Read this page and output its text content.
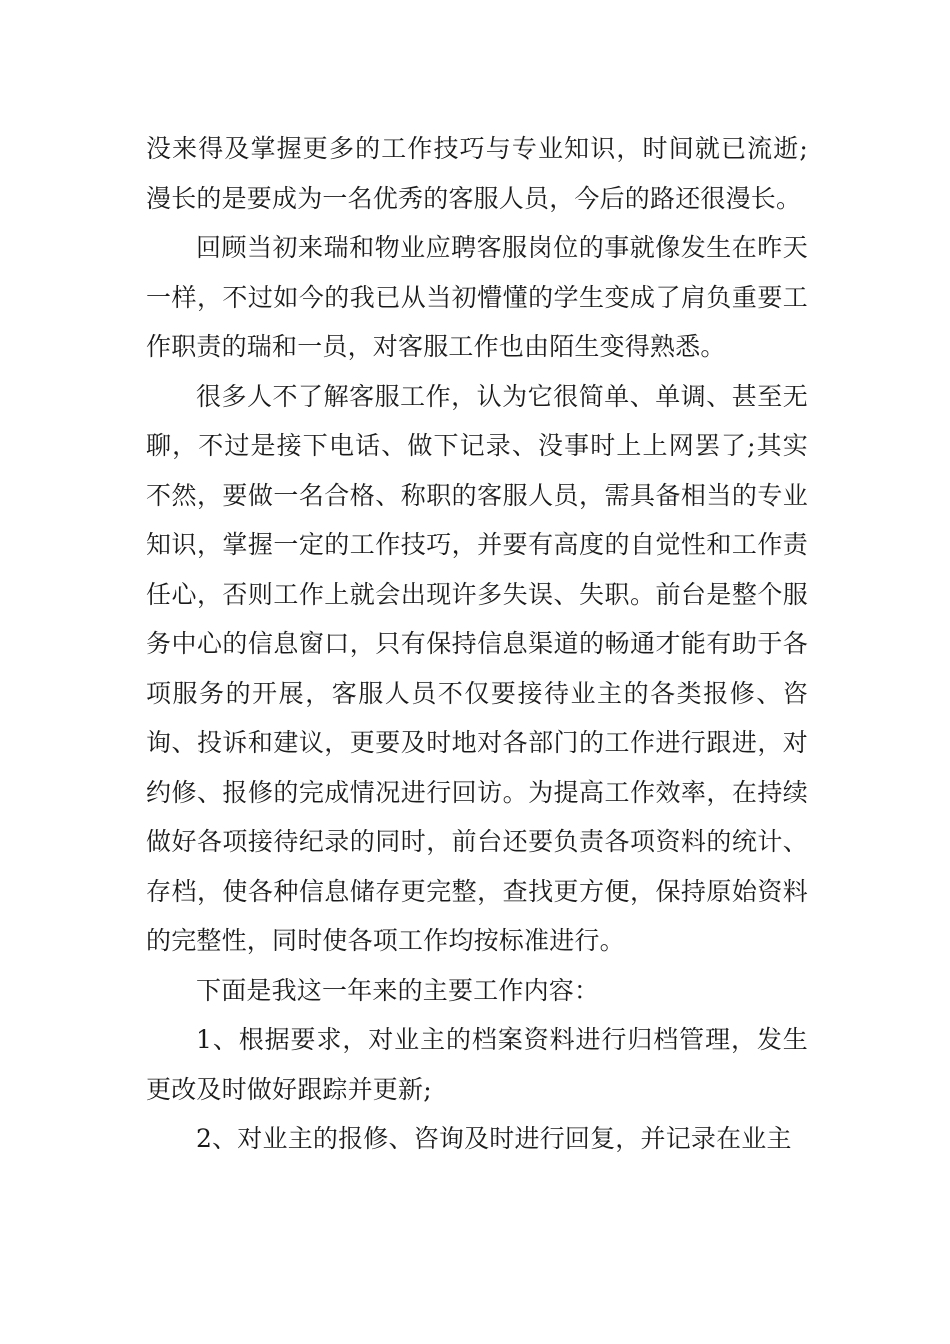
没来得及掌握更多的工作技巧与专业知识，时间就已流逝;漫长的是要成为一名优秀的客服人员，今后的路还很漫长。

回顾当初来瑞和物业应聘客服岗位的事就像发生在昨天一样，不过如今的我已从当初懵懂的学生变成了肩负重要工作职责的瑞和一员，对客服工作也由陌生变得熟悉。

很多人不了解客服工作，认为它很简单、单调、甚至无聊，不过是接下电话、做下记录、没事时上上网罢了;其实不然，要做一名合格、称职的客服人员，需具备相当的专业知识，掌握一定的工作技巧，并要有高度的自觉性和工作责任心，否则工作上就会出现许多失误、失职。前台是整个服务中心的信息窗口，只有保持信息渠道的畅通才能有助于各项服务的开展，客服人员不仅要接待业主的各类报修、咨询、投诉和建议，更要及时地对各部门的工作进行跟进，对约修、报修的完成情况进行回访。为提高工作效率，在持续做好各项接待纪录的同时，前台还要负责各项资料的统计、存档，使各种信息储存更完整，查找更方便，保持原始资料的完整性，同时使各项工作均按标准进行。

下面是我这一年来的主要工作内容：

1、根据要求，对业主的档案资料进行归档管理，发生更改及时做好跟踪并更新;

2、对业主的报修、咨询及时进行回复，并记录在业主
